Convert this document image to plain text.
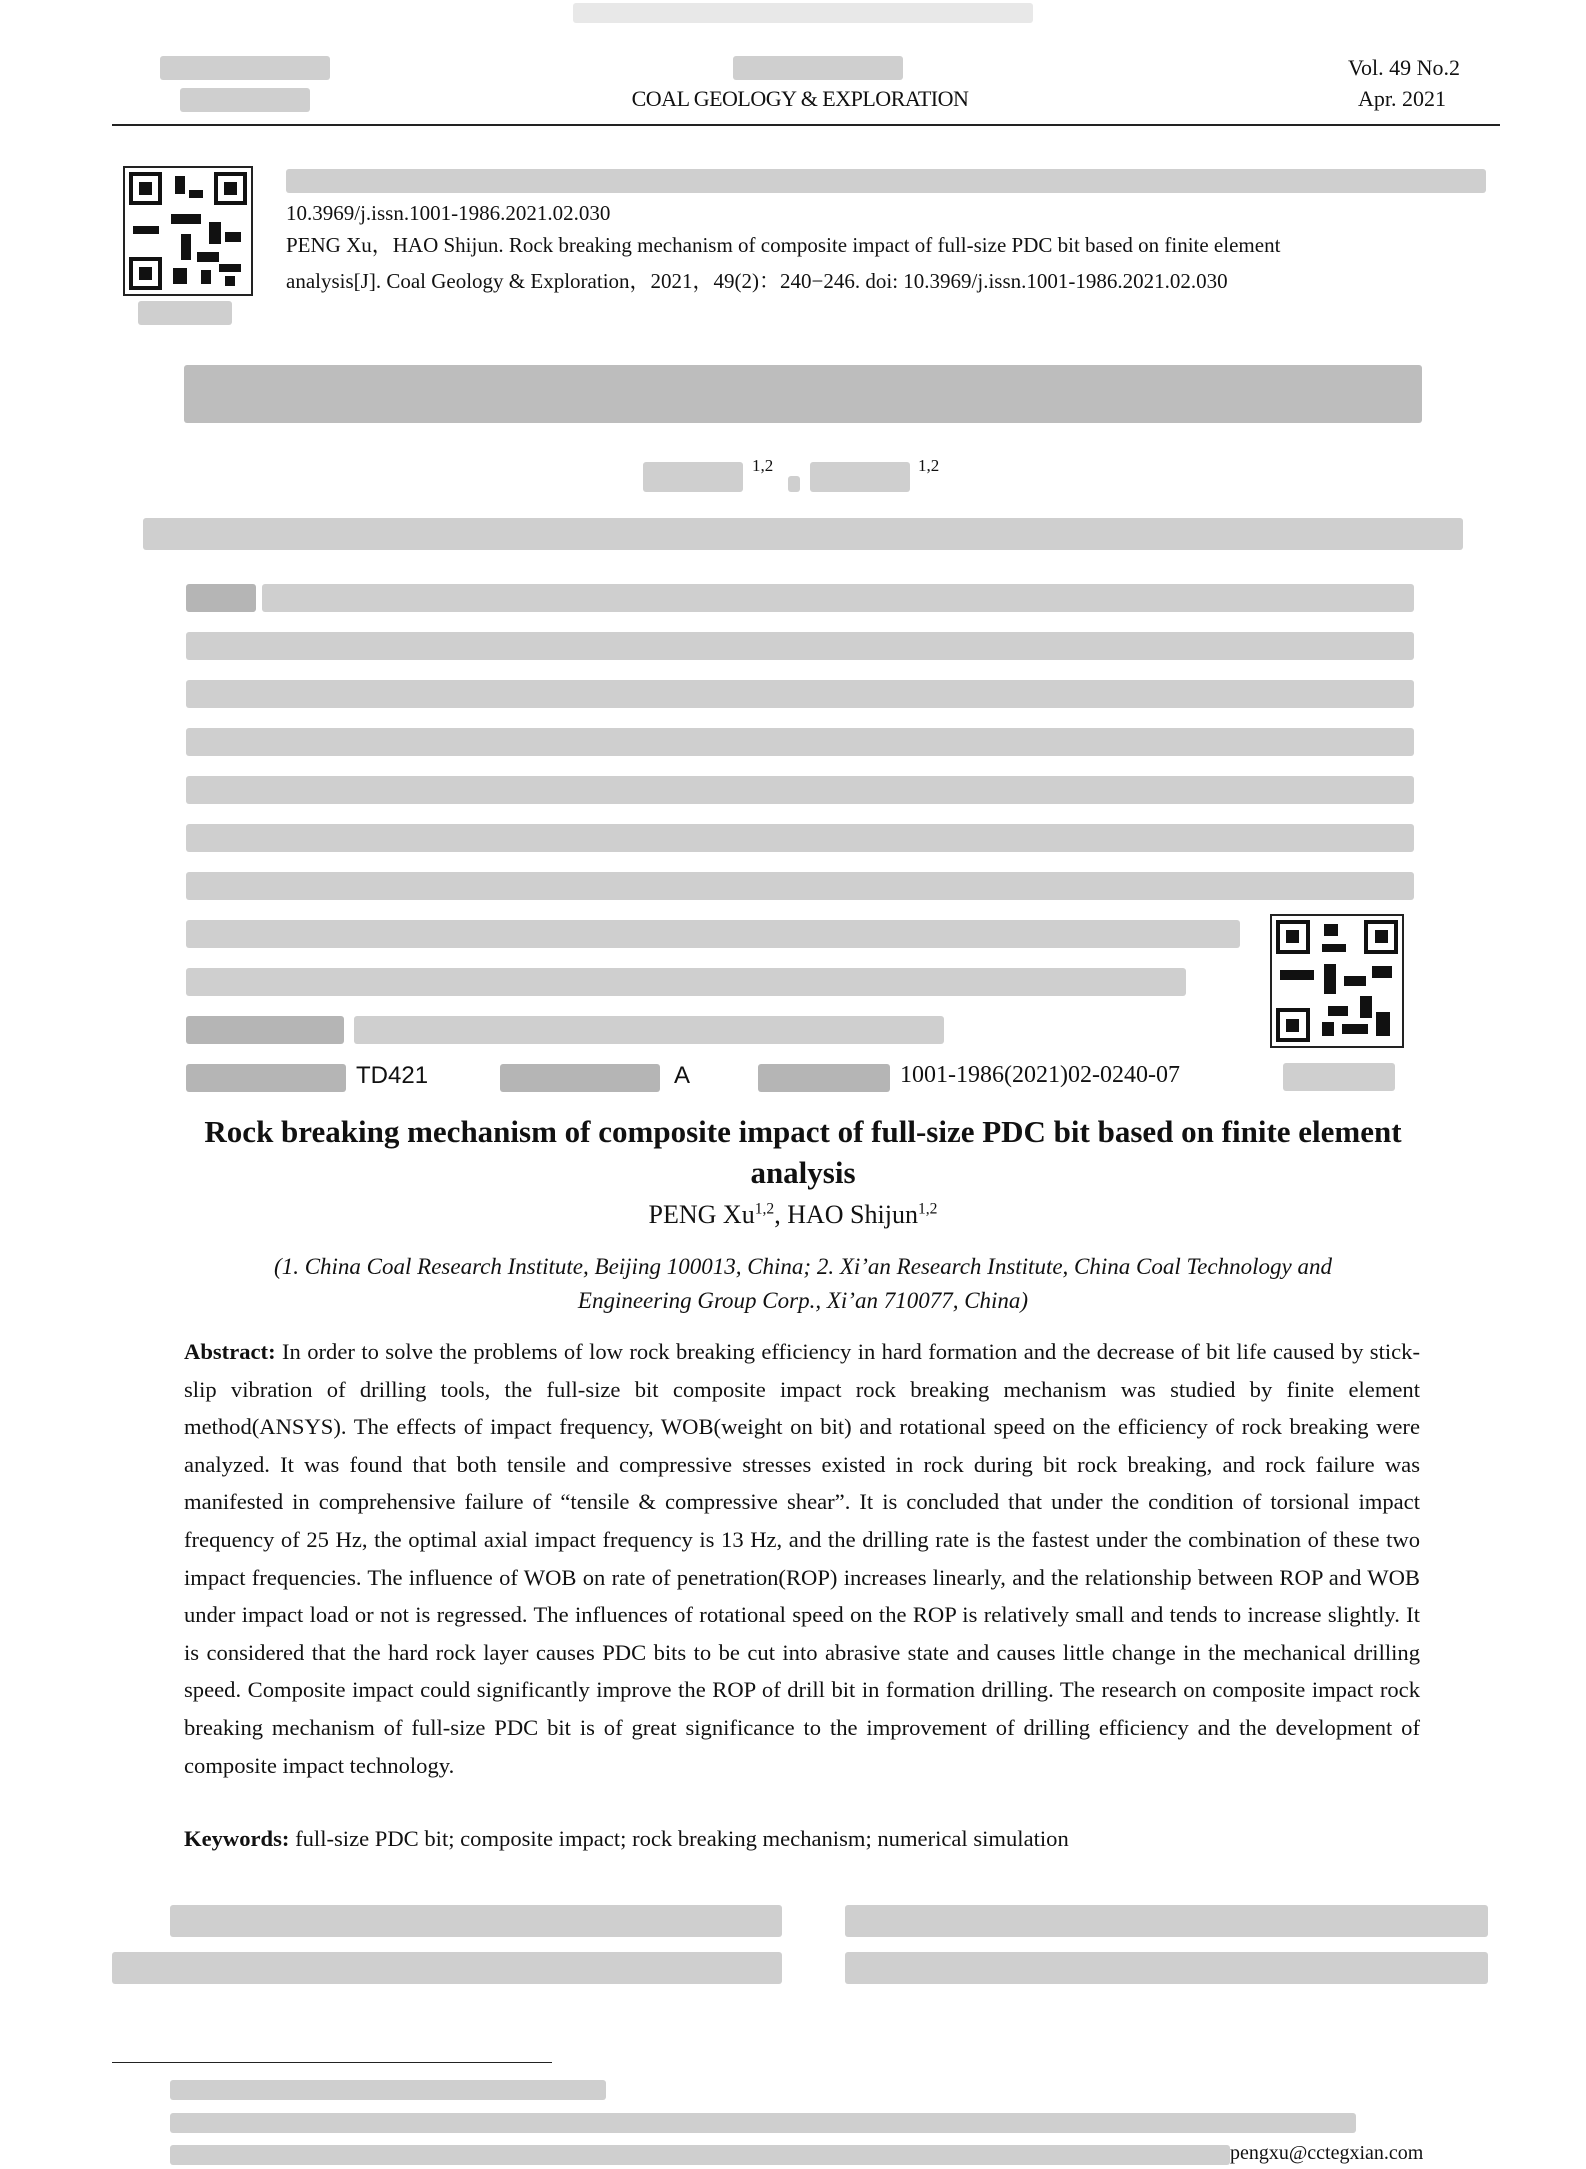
COAL GEOLOGY & EXPLORATION
Vol. 49 No.2
Apr. 2021
10.3969/j.issn.1001-1986.2021.02.030
PENG Xu，HAO Shijun. Rock breaking mechanism of composite impact of full-size PDC bit based on finite element
analysis[J]. Coal Geology & Exploration，2021，49(2)：240−246. doi: 10.3969/j.issn.1001-1986.2021.02.030
1,2	1,2
TD421	A	1001-1986(2021)02-0240-07
Rock breaking mechanism of composite impact of full-size PDC bit based on finite element analysis
PENG Xu$^{1,2}$, HAO Shijun$^{1,2}$
(1. China Coal Research Institute, Beijing 100013, China; 2. Xi’an Research Institute, China Coal Technology and
Engineering Group Corp., Xi’an 710077, China)
Abstract: In order to solve the problems of low rock breaking efficiency in hard formation and the decrease of bit life caused by stick-slip vibration of drilling tools, the full-size bit composite impact rock breaking mechanism was studied by finite element method(ANSYS). The effects of impact frequency, WOB(weight on bit) and rotational speed on the efficiency of rock breaking were analyzed. It was found that both tensile and compressive stresses existed in rock during bit rock breaking, and rock failure was manifested in comprehensive failure of “tensile & compressive shear”. It is concluded that under the condition of torsional impact frequency of 25 Hz, the optimal axial impact frequency is 13 Hz, and the drilling rate is the fastest under the combination of these two impact frequencies. The influence of WOB on rate of penetration(ROP) increases linearly, and the relationship between ROP and WOB under impact load or not is regressed. The influences of rotational speed on the ROP is relatively small and tends to increase slightly. It is considered that the hard rock layer causes PDC bits to be cut into abrasive state and causes little change in the mechanical drilling speed. Composite impact could significantly improve the ROP of drill bit in formation drilling. The research on composite impact rock breaking mechanism of full-size PDC bit is of great significance to the improvement of drilling efficiency and the development of composite impact technology.
Keywords: full-size PDC bit; composite impact; rock breaking mechanism; numerical simulation
pengxu@cctegxian.com
